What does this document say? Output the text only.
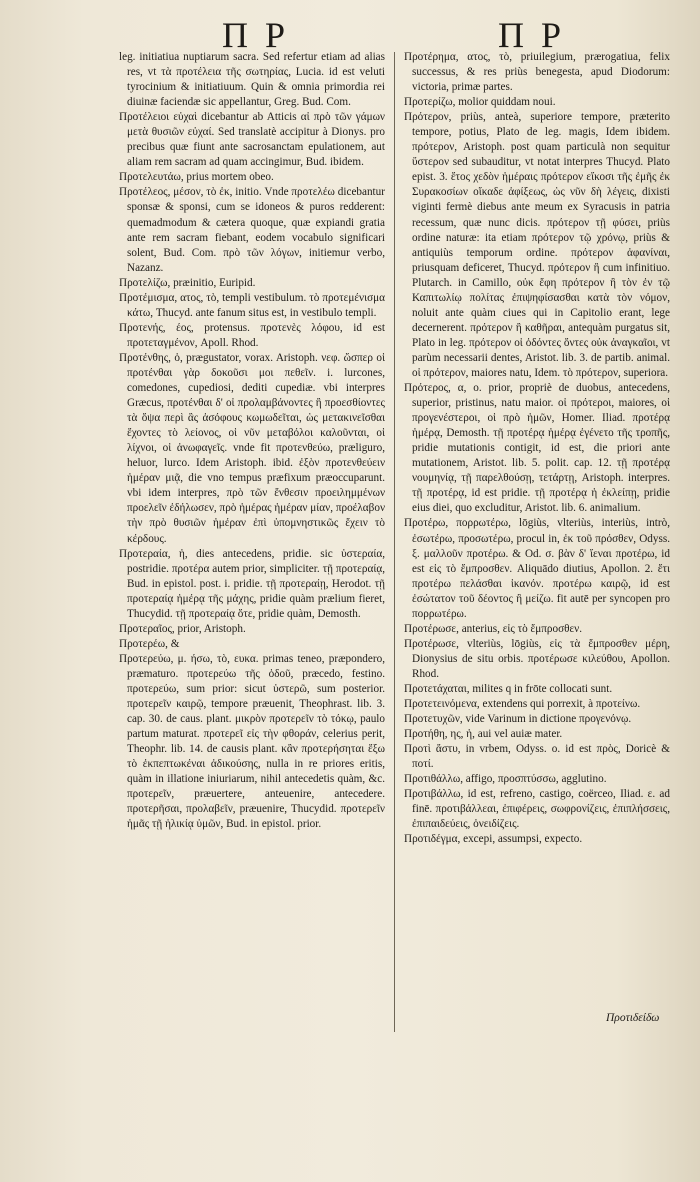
Π Ρ	Π Ρ

leg. initiatiua nuptiarum sacra. Sed refertur etiam ad alias res, vt τὰ προτέλεια τῆς σωτηρίας, Lucia. id est veluti tyrocinium & initiatiuum. Quin & omnia primordia rei diuinæ faciendæ sic appellantur, Greg. Bud. Com.

Προτέλειοι εὐχαὶ dicebantur ab Atticis αἱ πρὸ τῶν γάμων μετὰ θυσιῶν εὐχαί. Sed translatè accipitur à Dionys. pro precibus quæ fiunt ante sacrosanctam epulationem, aut aliam rem sacram ad quam accingimur, Bud. ibidem.

Προτελευτάω, prius mortem obeo.

Προτέλεος, μέσον, τὸ ἐκ, initio. Vnde προτελέω dicebantur sponsæ & sponsi, cum se idoneos & puros redderent: quemadmodum & cætera quoque, quæ expiandi gratia ante rem sacram fiebant, eodem vocabulo significari solent, Bud. Com. πρὸ τῶν λόγων, initiemur verbo, Nazanz.

Προτελίζω, præinitio, Euripid.

Προτέμισμα, ατος, τὸ, templi vestibulum. τὸ προτεμένισμα κάτω, Thucyd. ante fanum situs est, in vestibulo templi.

Προτενής, έος, protensus. προτενὲς λόφου, id est προτεταγμένον, Apoll. Rhod.

Προτένθης, ὁ, prægustator, vorax. Aristoph. νεφ. ὥσπερ οἱ προτένθαι γὰρ δοκοῦσι μοι πεθεῖν. i. lurcones, comedones, cupediosi, dediti cupediæ. vbi interpres Græcus, προτένθαι δ' οἱ προλαμβάνοντες ἢ προεσθίοντες τὰ ὄψα περὶ ἃς ἀσόφους κωμωδεῖται, ὡς μετακινεῖσθαι ἔχοντες τὸ λείονος, οἱ νῦν μεταβόλοι καλοῦνται, οἱ λίχνοι, οἱ ἀνωφαγεῖς. vnde fit προτενθεύω, præliguro, heluor, lurco. Idem Aristoph. ibid. ἐξὸν προτενθεύειν ἡμέραν μιᾷ, die vno tempus præfixum præoccuparunt. vbi idem interpres, πρὸ τῶν ἔνθεσιν προειλημμένων προελεῖν ἐδήλωσεν, πρὸ ἡμέρας ἡμέραν μίαν, προέλαβον τὴν πρὸ θυσιῶν ἡμέραν ἐπὶ ὑπομνηστικῶς ἔχειν τὸ κέρδους.

Προτεραία, ἡ, dies antecedens, pridie. sic ὑστεραία, postridie. προτέρα autem prior, simpliciter. τῇ προτεραίᾳ, Bud. in epistol. post. i. pridie. τῇ προτεραίῃ, Herodot. τῇ προτεραίᾳ ἡμέρᾳ τῆς μάχης, pridie quàm prælium fieret, Thucydid. τῇ προτεραίᾳ ὅτε, pridie quàm, Demosth.

Προτεραῖος, prior, Aristoph.

Προτερέω, &

Προτερεύω, μ. ήσω, τὸ, ευκα. primas teneo, præpondero, præmaturo. προτερεύω τῆς ὁδοῦ, præcedo, festino. προτερεύω, sum prior: sicut ὑστερῶ, sum posterior. προτερεῖν καιρῷ, tempore præuenit, Theophrast. lib. 3. cap. 30. de caus. plant. μικρὸν προτερεῖν τὸ τόκῳ, paulo partum maturat. προτερεῖ εἰς τὴν φθοράν, celerius perit, Theophr. lib. 14. de causis plant. κἂν προτερήσηται ἕξω τὸ ἐκπεπτωκέναι ἀδικούσης, nulla in re priores eritis, quàm in illatione iniuriarum, nihil antecedetis quàm, &c. προτερεῖν, præuertere, anteuenire, antecedere. προτερῆσαι, προλαβεῖν, præuenire, Thucydid. προτερεῖν ἡμᾶς τῇ ἡλικίᾳ ὑμῶν, Bud. in epistol. prior.

Προτέρημα, ατος, τὸ, priuilegium, prærogatiua, felix successus, & res priùs benegesta, apud Diodorum: victoria, primæ partes.

Προτερίζω, molior quiddam noui.

Πρότερον, priùs, anteà, superiore tempore, præterito tempore, potius, Plato de leg. magis, Idem ibidem. πρότερον, Aristoph. post quam particulà non sequitur ὕστερον sed subauditur, vt notat interpres Thucyd. Plato epist. 3. ἔτος χεδὸν ἡμέραις πρότερον εἴκοσι τῆς ἐμῆς ἐκ Συρακοσίων οἴκαδε ἀφίξεως, ὡς νῦν δὴ λέγεις, dixisti viginti fermè diebus ante meum ex Syracusis in patria recessum, quæ nunc dicis. πρότερον τῇ φύσει, priùs ordine naturæ: ita etiam πρότερον τῷ χρόνῳ, priùs & antiquiùs temporum ordine. πρότερον ἀφανίναι, priusquam deficeret, Thucyd. πρότερον ἢ cum infinitiuo. Plutarch. in Camillo, οὐκ ἔφη πρότερον ἢ τὸν ἐν τῷ Καπιτωλίῳ πολίτας ἐπιψηφίσασθαι κατὰ τὸν νόμον, noluit ante quàm ciues qui in Capitolio erant, lege decernerent. πρότερον ἢ καθῆραι, antequàm purgatus sit, Plato in leg. πρότερον οἱ ὀδόντες ὄντες οὐκ ἀναγκαῖοι, vt parùm necessarii dentes, Aristot. lib. 3. de partib. animal. οἱ πρότερον, maiores natu, Idem. τὸ πρότερον, superiora.

Πρότερος, α, ο. prior, propriè de duobus, antecedens, superior, pristinus, natu maior. οἱ πρότεροι, maiores, οἱ προγενέστεροι, οἱ πρὸ ἡμῶν, Homer. Iliad. προτέρᾳ ἡμέρᾳ, Demosth. τῇ προτέρᾳ ἡμέρᾳ ἐγένετο τῆς τροπῆς, pridie mutationis contigit, id est, die priori ante mutationem, Aristot. lib. 5. polit. cap. 12. τῇ προτέρᾳ νουμηνίᾳ, τῇ παρελθούσῃ, τετάρτῃ, Aristoph. interpres. τῇ προτέρᾳ, id est pridie. τῇ προτέρᾳ ἡ ἐκλείπῃ, pridie eius diei, quo excluditur, Aristot. lib. 6. animalium.

Προτέρω, πορρωτέρω, lōgiùs, vlteriùs, interiùs, intrò, ἐσωτέρω, προσωτέρω, procul in, ἐκ τοῦ πρόσθεν, Odyss. ξ. μαλλοῦν προτέρω. & Od. σ. βὰν δ' ἴεναι προτέρω, id est εἰς τὸ ἔμπροσθεν. Aliquādo diutius, Apollon. 2. ἔτι προτέρω πελάσθαι ἱκανόν. προτέρω καιρῷ, id est ἐσώτατον τοῦ δέοντος ἢ μείζω. fit autē per syncopen pro πορρωτέρω.

Προτέρωσε, anterius, εἰς τὸ ἔμπροσθεν.

Προτέρωσε, vlteriùs, lōgiùs, εἰς τὰ ἔμπροσθεν μέρη, Dionysius de situ orbis. προτέρωσε κιλεύθου, Apollon. Rhod.

Προτετάχαται, milites q in frōte collocati sunt.

Προτετεινόμενα, extendens qui porrexit, à προτείνω.

Προτετυχῶν, vide Varinum in dictione προγενόνῳ.

Προτήθη, ης, ἡ, aui vel auiæ mater.

Προτὶ ἄστυ, in vrbem, Odyss. o. id est πρὸς, Doricè & ποτί.

Προτιθάλλω, affigo, προσπτύσσω, agglutino.

Προτιβάλλω, id est, refreno, castigo, coërceo, Iliad. ε. ad finē. προτιβάλλεαι, ἐπιφέρεις, σωφρονίζεις, ἐπιπλήσσεις, ἐπιπαιδεύεις, ὀνειδίζεις.

Προτιδέγμα, excepi, assumpsi, expecto.

Προτιδείδω
